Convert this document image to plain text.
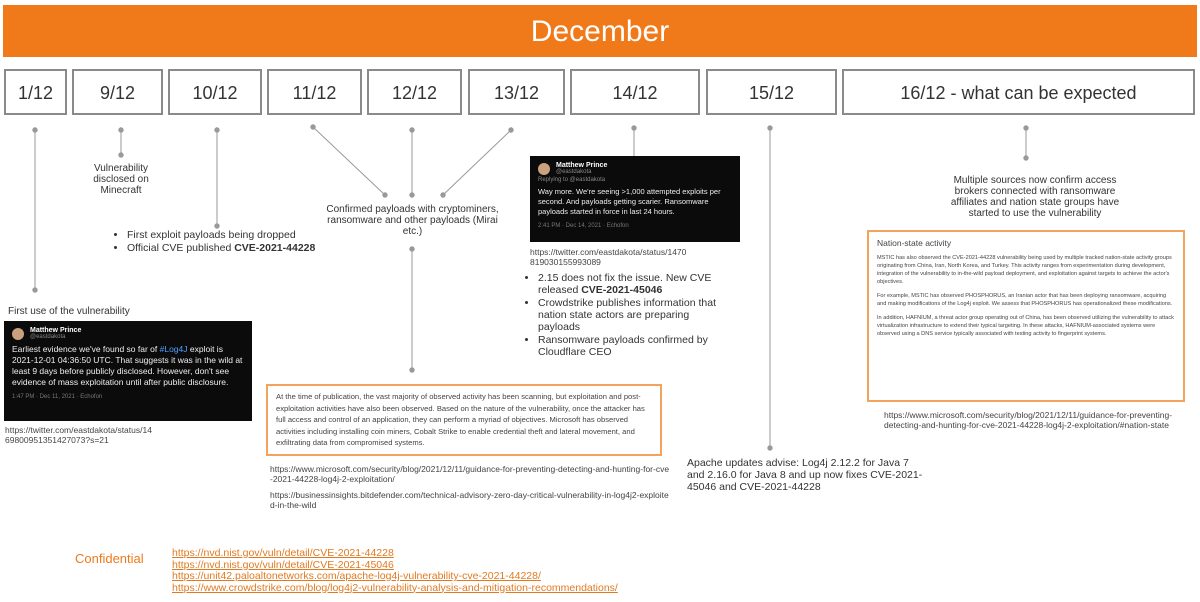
December
1/12	9/12	10/12	11/12	12/12	13/12	14/12	15/12	16/12 - what can be expected
Vulnerability disclosed on Minecraft
• First exploit payloads being dropped
• Official CVE published CVE-2021-44228
Confirmed payloads with cryptominers, ransomware and other payloads (Mirai etc.)
Multiple sources now confirm access brokers connected with ransomware affiliates and nation state groups have started to use the vulnerability
First use of the vulnerability
Matthew Prince
@eastdakota
Earliest evidence we've found so far of #Log4J exploit is 2021-12-01 04:36:50 UTC. That suggests it was in the wild at least 9 days before publicly disclosed. However, don't see evidence of mass exploitation until after public disclosure.
1:47 PM · Dec 11, 2021 · Echofon
https://twitter.com/eastdakota/status/1469800951351427073?s=21
Matthew Prince
@eastdakota
Replying to @eastdakota
Way more. We're seeing >1,000 attempted exploits per second. And payloads getting scarier. Ransomware payloads started in force in last 24 hours.
2:41 PM · Dec 14, 2021 · Echofon
https://twitter.com/eastdakota/status/1470819030155993089
• 2.15 does not fix the issue. New CVE released CVE-2021-45046
• Crowdstrike publishes information that nation state actors are preparing payloads
• Ransomware payloads confirmed by Cloudflare CEO
At the time of publication, the vast majority of observed activity has been scanning, but exploitation and post-exploitation activities have also been observed. Based on the nature of the vulnerability, once the attacker has full access and control of an application, they can perform a myriad of objectives. Microsoft has observed activities including installing coin miners, Cobalt Strike to enable credential theft and lateral movement, and exfiltrating data from compromised systems.
https://www.microsoft.com/security/blog/2021/12/11/guidance-for-preventing-detecting-and-hunting-for-cve-2021-44228-log4j-2-exploitation/
https://businessinsights.bitdefender.com/technical-advisory-zero-day-critical-vulnerability-in-log4j2-exploited-in-the-wild
Apache updates advise: Log4j 2.12.2 for Java 7 and 2.16.0 for Java 8 and up now fixes CVE-2021-45046 and CVE-2021-44228
Nation-state activity
MSTIC has also observed the CVE-2021-44228 vulnerability being used by multiple tracked nation-state activity groups originating from China, Iran, North Korea, and Turkey. This activity ranges from experimentation during development, integration of the vulnerability to in-the-wild payload deployment, and exploitation against targets to achieve the actor's objectives.
For example, MSTIC has observed PHOSPHORUS, an Iranian actor that has been deploying ransomware, acquiring and making modifications of the Log4j exploit. We assess that PHOSPHORUS has operationalized these modifications.
In addition, HAFNIUM, a threat actor group operating out of China, has been observed utilizing the vulnerability to attack virtualization infrastructure to extend their typical targeting. In these attacks, HAFNIUM-associated systems were observed using a DNS service typically associated with testing activity to fingerprint systems.
https://www.microsoft.com/security/blog/2021/12/11/guidance-for-preventing-detecting-and-hunting-for-cve-2021-44228-log4j-2-exploitation/#nation-state
Confidential	https://nvd.nist.gov/vuln/detail/CVE-2021-44228
https://nvd.nist.gov/vuln/detail/CVE-2021-45046
https://unit42.paloaltonetworks.com/apache-log4j-vulnerability-cve-2021-44228/
https://www.crowdstrike.com/blog/log4j2-vulnerability-analysis-and-mitigation-recommendations/
